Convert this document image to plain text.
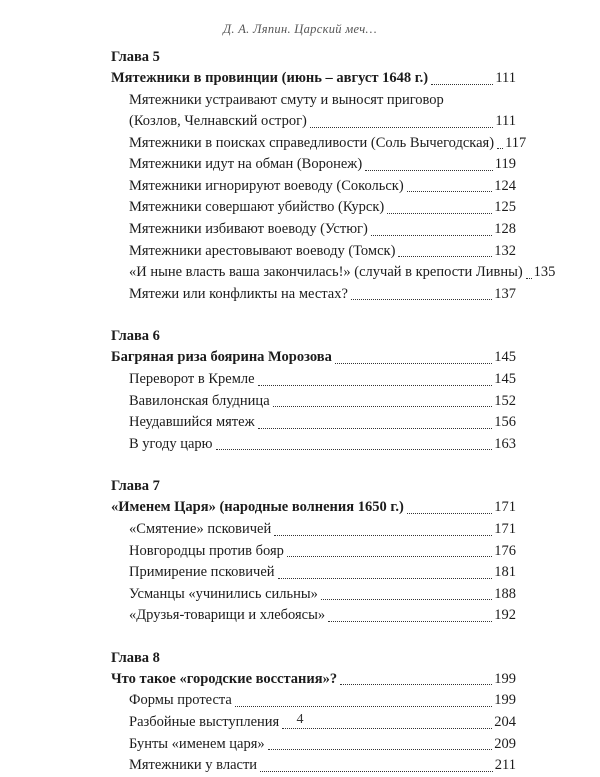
Д. А. Ляпин. Царский меч…
Глава 5
Мятежники в провинции (июнь – август 1648 г.)	111
Мятежники устраивают смуту и выносят приговор
(Козлов, Челнавский острог)	111
Мятежники в поисках справедливости (Соль Вычегодская) 117
Мятежники идут на обман (Воронеж)	119
Мятежники игнорируют воеводу (Сокольск)	124
Мятежники совершают убийство (Курск)	125
Мятежники избивают воеводу (Устюг)	128
Мятежники арестовывают воеводу (Томск)	132
«И ныне власть ваша закончилась!» (случай в крепости Ливны) 135
Мятежи или конфликты на местах?	137
Глава 6
Багряная риза боярина Морозова	145
Переворот в Кремле	145
Вавилонская блудница	152
Неудавшийся мятеж	156
В угоду царю	163
Глава 7
«Именем Царя» (народные волнения 1650 г.)	171
«Смятение» псковичей	171
Новгородцы против бояр	176
Примирение псковичей	181
Усманцы «учинились сильны»	188
«Друзья-товарищи и хлебоясы»	192
Глава 8
Что такое «городские восстания»?	199
Формы протеста	199
Разбойные выступления	204
Бунты «именем царя»	209
Мятежники у власти	211
4
